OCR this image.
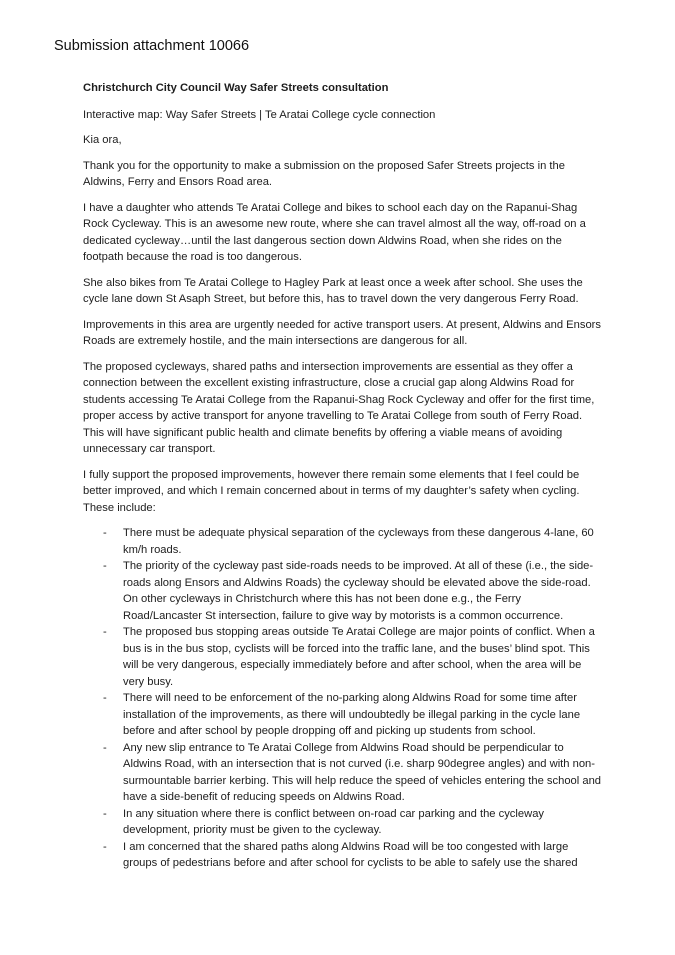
Submission attachment 10066

Christchurch City Council Way Safer Streets consultation

Interactive map: Way Safer Streets | Te Aratai College cycle connection

Kia ora,

Thank you for the opportunity to make a submission on the proposed Safer Streets projects in the Aldwins, Ferry and Ensors Road area.

I have a daughter who attends Te Aratai College and bikes to school each day on the Rapanui-Shag Rock Cycleway. This is an awesome new route, where she can travel almost all the way, off-road on a dedicated cycleway…until the last dangerous section down Aldwins Road, when she rides on the footpath because the road is too dangerous.

She also bikes from Te Aratai College to Hagley Park at least once a week after school. She uses the cycle lane down St Asaph Street, but before this, has to travel down the very dangerous Ferry Road.

Improvements in this area are urgently needed for active transport users. At present, Aldwins and Ensors Roads are extremely hostile, and the main intersections are dangerous for all.

The proposed cycleways, shared paths and intersection improvements are essential as they offer a connection between the excellent existing infrastructure, close a crucial gap along Aldwins Road for students accessing Te Aratai College from the Rapanui-Shag Rock Cycleway and offer for the first time, proper access by active transport for anyone travelling to Te Aratai College from south of Ferry Road. This will have significant public health and climate benefits by offering a viable means of avoiding unnecessary car transport.

I fully support the proposed improvements, however there remain some elements that I feel could be better improved, and which I remain concerned about in terms of my daughter’s safety when cycling. These include:

- There must be adequate physical separation of the cycleways from these dangerous 4-lane, 60 km/h roads.
- The priority of the cycleway past side-roads needs to be improved. At all of these (i.e., the side-roads along Ensors and Aldwins Roads) the cycleway should be elevated above the side-road. On other cycleways in Christchurch where this has not been done e.g., the Ferry Road/Lancaster St intersection, failure to give way by motorists is a common occurrence.
- The proposed bus stopping areas outside Te Aratai College are major points of conflict. When a bus is in the bus stop, cyclists will be forced into the traffic lane, and the buses’ blind spot. This will be very dangerous, especially immediately before and after school, when the area will be very busy.
- There will need to be enforcement of the no-parking along Aldwins Road for some time after installation of the improvements, as there will undoubtedly be illegal parking in the cycle lane before and after school by people dropping off and picking up students from school.
- Any new slip entrance to Te Aratai College from Aldwins Road should be perpendicular to Aldwins Road, with an intersection that is not curved (i.e. sharp 90degree angles) and with non-surmountable barrier kerbing. This will help reduce the speed of vehicles entering the school and have a side-benefit of reducing speeds on Aldwins Road.
- In any situation where there is conflict between on-road car parking and the cycleway development, priority must be given to the cycleway.
- I am concerned that the shared paths along Aldwins Road will be too congested with large groups of pedestrians before and after school for cyclists to be able to safely use the shared
